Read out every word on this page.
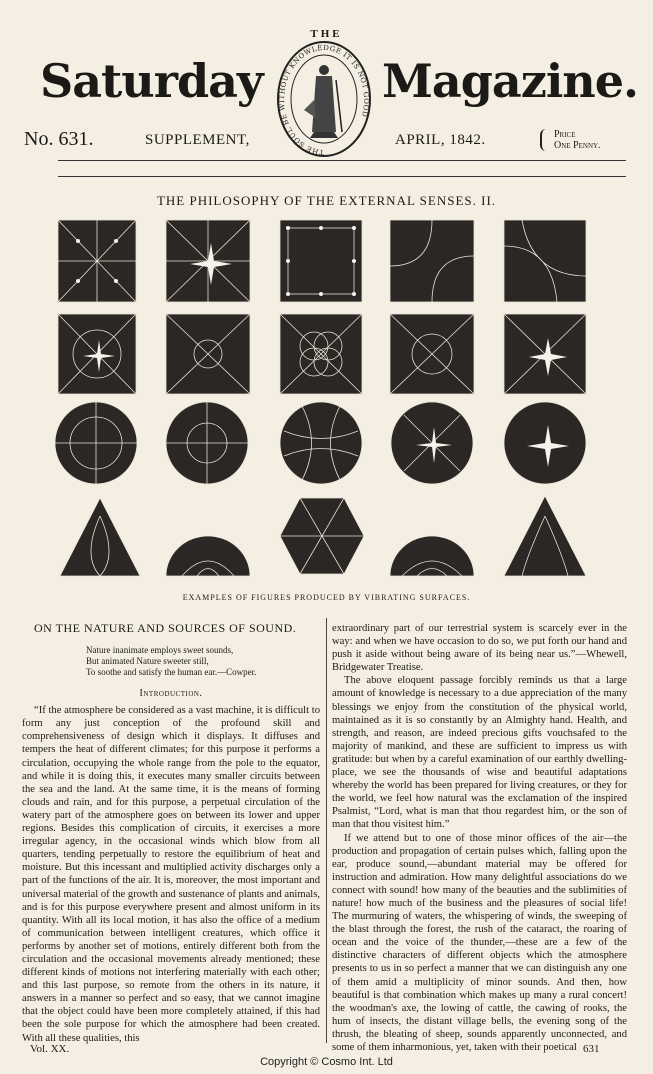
THE
Saturday	Magazine.
THE SOUL BE WITHOUT KNOWLEDGE IT IS NOT GOOD
No. 631.	SUPPLEMENT,	APRIL, 1842.	Price
One Penny.
THE PHILOSOPHY OF THE EXTERNAL SENSES. II.
EXAMPLES OF FIGURES PRODUCED BY VIBRATING SURFACES.

ON THE NATURE AND SOURCES OF SOUND.

Nature inanimate employs sweet sounds,

But animated Nature sweeter still,

To soothe and satisfy the human ear.—Cowper.

Introduction.

“If the atmosphere be considered as a vast machine, it is difficult to form any just conception of the profound skill and comprehensiveness of design which it displays. It diffuses and tempers the heat of different climates; for this purpose it performs a circulation, occupying the whole range from the pole to the equator, and while it is doing this, it executes many smaller circuits between the sea and the land. At the same time, it is the means of forming clouds and rain, and for this purpose, a perpetual circulation of the watery part of the atmosphere goes on between its lower and upper regions. Besides this complication of circuits, it exercises a more irregular agency, in the occasional winds which blow from all quarters, tending perpetually to restore the equilibrium of heat and moisture. But this incessant and multiplied activity discharges only a part of the functions of the air. It is, moreover, the most important and universal material of the growth and sustenance of plants and animals, and is for this purpose everywhere present and almost uniform in its quantity. With all its local motion, it has also the office of a medium of communication between intelligent creatures, which office it performs by another set of motions, entirely different both from the circulation and the occasional movements already mentioned; these different kinds of motions not interfering materially with each other; and this last purpose, so remote from the others in its nature, it answers in a manner so perfect and so easy, that we cannot imagine that the object could have been more completely attained, if this had been the sole purpose for which the atmosphere had been created. With all these qualities, this

extraordinary part of our terrestrial system is scarcely ever in the way: and when we have occasion to do so, we put forth our hand and push it aside without being aware of its being near us.”—Whewell, Bridgewater Treatise.

The above eloquent passage forcibly reminds us that a large amount of knowledge is necessary to a due appreciation of the many blessings we enjoy from the constitution of the physical world, maintained as it is so constantly by an Almighty hand. Health, and strength, and reason, are indeed precious gifts vouchsafed to the majority of mankind, and these are sufficient to impress us with gratitude: but when by a careful examination of our earthly dwelling-place, we see the thousands of wise and beautiful adaptations whereby the world has been prepared for living creatures, or they for the world, we feel how natural was the exclamation of the inspired Psalmist, “Lord, what is man that thou regardest him, or the son of man that thou visitest him.”

If we attend but to one of those minor offices of the air—the production and propagation of certain pulses which, falling upon the ear, produce sound,—abundant material may be offered for instruction and admiration. How many delightful associations do we connect with sound! how many of the beauties and the sublimities of nature! how much of the business and the pleasures of social life! The murmuring of waters, the whispering of winds, the sweeping of the blast through the forest, the rush of the cataract, the roaring of ocean and the voice of the thunder,—these are a few of the distinctive characters of different objects which the atmosphere presents to us in so perfect a manner that we can distinguish any one of them amid a multiplicity of minor sounds. And then, how beautiful is that combination which makes up many a rural concert! the woodman's axe, the lowing of cattle, the cawing of rooks, the hum of insects, the distant village bells, the evening song of the thrush, the bleating of sheep, sounds apparently unconnected, and some of them inharmonious, yet, taken with their poetical

Vol. XX.	631
Copyright © Cosmo Int. Ltd
